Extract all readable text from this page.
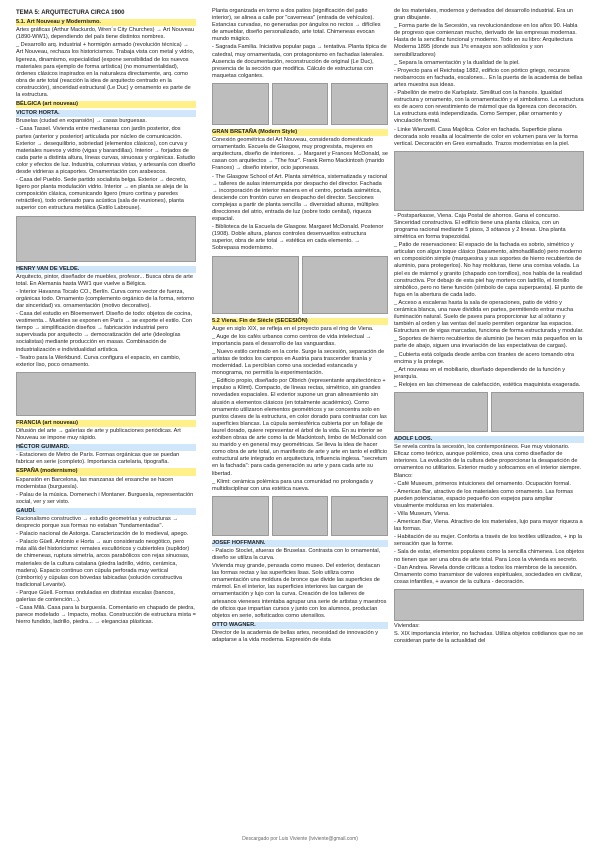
TEMA 5: ARQUITECTURA CIRCA 1900
5.1. Art Nouveau y Modernismo.
Artes gráficas (Arthur Mackurdo, Wren´s City Churches) → Art Nouveau (1890-WW1), dependiendo del país tiene distintos nombres.
_ Desarrollo arq. industrial + hormigón armado (revolución técnica) → Art Nouveau, rechaza los historicismos. Trabaja vista con metal y vidrio, ligereza, dinamismo, especialidad (expone sensibilidad de los nuevos materiales para ejemplo de forma artística) (no monumentalidad), órdenes clásicos inspirados en la naturaleza directamente, arq. como obra de arte total (reacción la idea de arquitecto centrado en la construcción), sinceridad estructural (Le Duc) y ornamento es parte de la estructura.
BÉLGICA (art nouveau)
VICTOR HORTA.
Bruselas (ciudad en expansión) → casas burguesas.
- Casa Tassel. Vivienda entre medianeras con jardín posterior, dos partes (anterior y posterior) articulada por núcleo de comunicación. Exterior → desequilibrio, sobriedad (elementos clásicos), con curva y materiales nuevos y vidrio (vigas y barandillas). Interior → forjados de cada parte a distinta altura, líneas curvas, sinuosas y orgánicas. Estudio color y efectos de luz. Industria, columnas vistas, y artesanía con diseño desde vidrieras a picaportes. Ornamentación con arabescos.
- Casa del Pueblo. Sede partido socialista belga. Exterior → decreto, ligero por planta modulación vidrio. Interior → en planta se aleja de la composición clásica, comunicando ligero (muro cortina y paredes retráctiles), todo ordenado para acústica (sala de reuniones), planta superior con estructura metálica (Estilo Labrouse).
HENRY VAN DE VELDE.
Arquitecto, pintor, diseñador de muebles, profesor... Busca obra de arte total. En Alemania hasta WW1 que vuelve a Bélgica.
- Interior Havanna Tocalo CO., Berlín. Curva como vector de fuerza, orgánicas todo. Ornamento (complemento orgánico de la forma, retorno dar sinceridad) vs. ornamentación (motivo decorativo).
- Casa del estudio en Bloemenwerf. Diseño de todo: objetos de cocina, vestimenta... Muebles se exponen en París → se exporte el estilo. Con tiempo → simplificación diseños → fabricación industrial pero supervisada por arquitecto → democratización del arte (ideologías socialistas) mediante producción en masas. Combinación de industrialización e individualidad artística.
- Teatro para la Werkbund. Curva configura el espacio, en cambio, exterior liso, poco ornamento.
FRANCIA (art nouveau)
Difusión del arte → galerías de arte y publicaciones periódicas. Art Nouveau se impone muy rápido.
HÉCTOR GUIMARD.
- Estaciones de Metro de París. Formas orgánicas que se puedan fabricar en serie (completo). Importancia cartelaria, tipografía.
ESPAÑA (modernismo)
Expansión en Barcelona, las manzanas del ensanche se hacen modernistas (burguesía).
- Palau de la música. Domenech i Montaner. Burguesía, representación social, ver y ser visto.
GAUDÍ.
Racionalismo constructivo → estudio geometrías y estructuras → desprecio porque sus formas no estaban "fundamentadas".
- Palacio nacional de Astorga. Caracterización de lo medieval, apego.
- Palacio Güell. Antonio e Horta → aun considerado neogótico, pero más allá del historicismo: remates escultóricos y cubiertoles (suplidor) de chimeneas, ruptura simetría, arcos parabólicos con rejas sinuosas, materiales de la cultura catalana (piedra ladrillo, vidrio, cerámica, madera). Espacio continuo con cúpula perforada muy vertical (cimborrio) y cúpulas con bóvedas tabicadas (solución constructiva tradicional Levante).
- Parque Güell. Formas onduladas en distintas escalas (bancos, galerías de contención...).
- Casa Milà. Casa para la burguesía. Comentario en chapado de piedra, parece modelado → Impacto, mofas. Construcción de estructura mixta = hierro fundido, ladrillo, piedra... → elegancias plásticas.
Planta organizada en torno a dos patios (significación del patio interior), se alinea a calle por "caverneas" (entrada de vehículos). Estancias curvadas, no generadas por ángulos no rectos → difíciles de amueblar, diseño personalizado, arte total. Chimeneas evocan mundo mágico.
- Sagrada Familia. Iniciativa popular paga → tentativa. Planta típica de catedral, muy ornamentada, con protagonismo en fachadas laterales. Ausencia de documentación, reconstrucción de original (Le Duc), presencia de la sección que modifica. Cálculo de estructuras con maquetas colgantes.
GRAN BRETAÑA (Modern Style)
Conexión geométrica del Art Nouveau, considerado domesticado ornamentado. Escuela de Glasgow, muy progresista, mujeres en arquitectura, diseño de interiores. → Margaret y Frances McDonald, se casan con arquitectos → "The four". Frank Remo Mackintosh (marido Frances) → diseño interior, ocio japonesas.
- The Glasgow School of Art. Planta simétrica, sistematizada y racional → talleres de aulas interrumpida por despacho del director. Fachada → incorporación de interior manera en el centro, portada asimétrica, desciende con frontón curvo en despacho del director. Secciones complejas a partir de planta sencilla → diversidad alturas, múltiples direcciones del atrio, entrada de luz (sobre todo cenital), riqueza espacial.
- Biblioteca de la Escuela de Glasgow. Margaret McDonald. Postenor (1908). Doble altura, planos controles desenvueltos estructura superior, obra de arte total → estética en cada elemento. → Sobrepasa modernismo.
5.2 Viena. Fin de Siècle (SECESIÓN)
Auge en siglo XIX, se refleja en el proyecto para el ring de Viena.
_ Auge de los cafés urbanos como centros de vida intelectual → importancia para el desarrollo de las vanguardias.
_ Nuevo estilo centrado en la corte. Surge la secesión, separación de artistas de todos los campos en Austria para trascender tiranía y modernidad. La percibían como una sociedad estancada y monograma, no permitía la experimentación.
_ Edificio propio, diseñado por Olbrich (representante arquitectónico + impulso a Klimt). Compacto, de líneas rectas, simétrico, sin grandes novedades espaciales. El exterior supone un gran alineamiento sin alusión a elementos clásicos (en totalmente académico). Como ornamento utilizaron elementos geométricos y se concentra solo en puntos claves de la estructura, en color dorado para contrastar con las superficies blancas. La cúpula semiesférica cubierta por un follaje de laurel dorado, quiere representar el árbol de la vida. En su interior se exhiben obras de arte como la de Mackintosh, limbo de McDonald con su marido y en general muy geométricas. Se lleva la idea de hacer como obra de arte total, un manifiesto de arte y arte en tanto el edificio estructural arte integrado en arquitectura, influencia inglesa. "secretum en la fachada": para cada generación su arte y para cada arte su libertad.
_ Klimt: cerámica polémica para una comunidad no prolongada y multidisciplinar con una estética nueva.
JOSEF HOFFMANN.
- Palacio Stoclet, afueras de Bruselas. Contrasta con lo ornamental, diseño se utiliza la curva.
Vivienda muy grande, pensada como museo. Del exterior, destacan las formas rectas y las superficies lisas. Solo utiliza como ornamentación una moldura de bronce que divide las superficies de mármol. En el interior, las superficies interiores las cargan de ornamentación y lujo con la curva. Creación de los talleres de artesanos vieneses intentaba agrupar una serie de artistas y maestros de oficios que impartían cursos y junto con los alumnos, producían objetos en serie, sofisticados como utensilios.
OTTO WAGNER.
Director de la academia de bellas artes, necesidad de innovación y adaptarse a la vida moderna. Expresión de ésta
de los materiales, modernos y derivados del desarrollo industrial. Era un gran dibujante.
_ Forma parte de la Secesión, va revolucionándose en los años 90. Habla de progreso que comienzan mucho, derivado de las empresas modernas. Hasta de la sencillez funcional y moderno. Todo en su libro: Arquitectura Moderna 1895 (donde sus 1ºs ensayos son sólidos/os y son sensibilizadores)
_ Separa la ornamentación y la dualidad de la piel.
- Proyecto para el Reichstag 1882, edificio con pórtico griego, recursos neobarrocos en fachada, escalones... En la puerta de la academia de bellas artes muestra sus ideas.
- Pabellón de metro de Karlsplatz. Similitud con la francés. Igualdad estructura y ornamento, con la ornamentación y el simbolismo. La estructura es de acero con revestimiento de mármol que da ligereza con decoración. La estructura está independizada. Como Semper, pilar ornamento y vinculación formal.
- Linke Wienzeill. Casa Majólica. Color en fachada. Superficie plana decorada solo resalta al localmente de color en volumen para ver la forma vertical. Decoración en Gres esmaltado. Trazos modernistas en la piel.
- Postsparkasse, Viena. Caja Postal de ahorros. Gana el concurso. Sinceridad constructiva. El edificio tiene una planta clásica, con un programa racional mediante 5 pisos, 3 sótanos y 2 lineas. Una planta simétrica en forma trapezoidal.
_ Patio de reservaciones: El espacio de la fachada es sobrio, simétrico y articulan con algun toque clásico (basamento, almohadillado) pero moderno en composición simple (marquesina y sus soportes de hierro recubiertos de aluminio, para protegerlos). No hay molduras, tiene una cornisa volada. La piel es de mármol y granito (chapado con tornillos), nos habla de la realidad constructiva. Por debajo de esta piel hay mortero con ladrillo, el tornillo simbólico, pero no tiene función (símbolo de capa superpuesta). El punto de fuga en la abertura de cada lado.
_ Acceso a escaleras hasta la sala de operaciones, patio de vidrio y cerámica blanca, una nave dividida en partes, permitiendo entrar mucha iluminación natural. Suelo de paves para proporcionar luz al sótano y también al orden y las ventas del suelo permiten organizar las espacios. Estructura en de vigas marcadas, funciona de forma estructurada y modular.
_ Soportes de hierro recubiertos de aluminio (se hecen más pequeños en la parte de abajo, siguen una invariación de las expectativas de cargas).
_ Cubierta está colgada desde arriba con tirantes de acero tomando otra encima y la protege.
_ Art nouveau en el mobiliario, diseñado dependiendo de la función y jerarquía.
_ Relojes en las chimeneas de calefacción, estética maquinista exagerada.
ADOLF LOOS.
Se revela contra la secesión, los contemporáneos. Fue muy visionario. Eficaz como teórico, aunque polémico, crea una como diseñador de interiores. La evolución de la cultura debe proporcionar la desaparición de ornamentos no utilitarios. Exterior mudo y sofocamos en el interior siempre. Blanco:
- Café Museum, primeros intuiciones del ornamento. Ocupación formal.
- American Bar, atractivo de los materiales como ornamento. Las formas pueden potenciarse, espacio pequeño con espejos para ampliar visualmente molduras en los materiales.
- Villa Museum, Viena.
- American Bar, Viena. Atractivo de los materiales, lujo para mayor riqueza a las formas.
- Habitación de su mujer. Conforta a través de los textiles utilizados, + inp la sensación que la forme.
- Sala de estar, elementos populares como la sencilla chimenea. Los objetos no tienen que ser una obra de arte total. Para Loos la vivienda es secreto.
- Dan Andrea. Revela donde críticas a todos los miembros de la secesión. Ornamento como transmisor de valores espirituales, sociedades en civilizar, cosas infantiles, + avance de la cultura - decoración.
Viviendas:
S. XIX importancia interior, no fachadas. Utiliza objetos cotidianos que no se consideran parte de la actualidad del
Descargado por Luis Viviente (lviviente@gmail.com)
